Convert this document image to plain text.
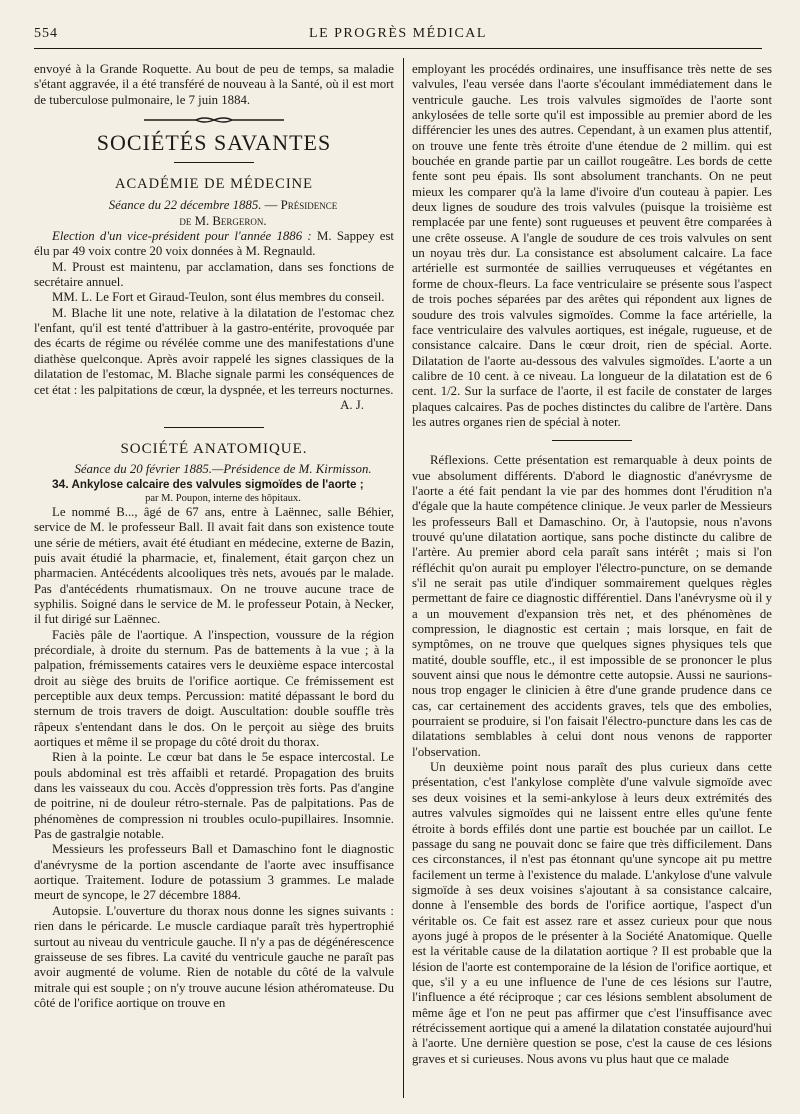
554	LE PROGRÈS MÉDICAL

envoyé à la Grande Roquette. Au bout de peu de temps, sa maladie s'étant aggravée, il a été transféré de nouveau à la Santé, où il est mort de tuberculose pulmonaire, le 7 juin 1884.

SOCIÉTÉS SAVANTES
ACADÉMIE DE MÉDECINE

Séance du 22 décembre 1885. — Présidence

de M. Bergeron.

Election d'un vice-président pour l'année 1886 : M. Sappey est élu par 49 voix contre 20 voix données à M. Regnauld.

M. Proust est maintenu, par acclamation, dans ses fonctions de secrétaire annuel.

MM. L. Le Fort et Giraud-Teulon, sont élus membres du conseil.

M. Blache lit une note, relative à la dilatation de l'estomac chez l'enfant, qu'il est tenté d'attribuer à la gastro-entérite, provoquée par des écarts de régime ou révélée comme une des manifestations d'une diathèse quelconque. Après avoir rappelé les signes classiques de la dilatation de l'estomac, M. Blache signale parmi les conséquences de cet état : les palpitations de cœur, la dyspnée, et les terreurs nocturnes.

A. J.

SOCIÉTÉ ANATOMIQUE.

Séance du 20 février 1885.—Présidence de M. Kirmisson.

34. Ankylose calcaire des valvules sigmoïdes de l'aorte ;

par M. Poupon, interne des hôpitaux.

Le nommé B..., âgé de 67 ans, entre à Laënnec, salle Béhier, service de M. le professeur Ball. Il avait fait dans son existence toute une série de métiers, avait été étudiant en médecine, externe de Bazin, puis avait étudié la pharmacie, et, finalement, était garçon chez un pharmacien. Antécédents alcooliques très nets, avoués par le malade. Pas d'antécédents rhumatismaux. On ne trouve aucune trace de syphilis. Soigné dans le service de M. le professeur Potain, à Necker, il fut dirigé sur Laënnec.

Faciès pâle de l'aortique. A l'inspection, voussure de la région précordiale, à droite du sternum. Pas de battements à la vue ; à la palpation, frémissements cataires vers le deuxième espace intercostal droit au siège des bruits de l'orifice aortique. Ce frémissement est perceptible aux deux temps. Percussion: matité dépassant le bord du sternum de trois travers de doigt. Auscultation: double souffle très râpeux s'entendant dans le dos. On le perçoit au siège des bruits aortiques et même il se propage du côté droit du thorax.

Rien à la pointe. Le cœur bat dans le 5e espace intercostal. Le pouls abdominal est très affaibli et retardé. Propagation des bruits dans les vaisseaux du cou. Accès d'oppression très forts. Pas d'angine de poitrine, ni de douleur rétro-sternale. Pas de palpitations. Pas de phénomènes de compression ni troubles oculo-pupillaires. Insomnie. Pas de gastralgie notable.

Messieurs les professeurs Ball et Damaschino font le diagnostic d'anévrysme de la portion ascendante de l'aorte avec insuffisance aortique. Traitement. Iodure de potassium 3 grammes. Le malade meurt de syncope, le 27 décembre 1884.

Autopsie. L'ouverture du thorax nous donne les signes suivants : rien dans le péricarde. Le muscle cardiaque paraît très hypertrophié surtout au niveau du ventricule gauche. Il n'y a pas de dégénérescence graisseuse de ses fibres. La cavité du ventricule gauche ne paraît pas avoir augmenté de volume. Rien de notable du côté de la valvule mitrale qui est souple ; on n'y trouve aucune lésion athéromateuse. Du côté de l'orifice aortique on trouve en

employant les procédés ordinaires, une insuffisance très nette de ses valvules, l'eau versée dans l'aorte s'écoulant immédiatement dans le ventricule gauche. Les trois valvules sigmoïdes de l'aorte sont ankylosées de telle sorte qu'il est impossible au premier abord de les différencier les unes des autres. Cependant, à un examen plus attentif, on trouve une fente très étroite d'une étendue de 2 millim. qui est bouchée en grande partie par un caillot rougeâtre. Les bords de cette fente sont peu épais. Ils sont absolument tranchants. On ne peut mieux les comparer qu'à la lame d'ivoire d'un couteau à papier. Les deux lignes de soudure des trois valvules (puisque la troisième est remplacée par une fente) sont rugueuses et peuvent être comparées à une crête osseuse. A l'angle de soudure de ces trois valvules on sent un noyau très dur. La consistance est absolument calcaire. La face artérielle est surmontée de saillies verruqueuses et végétantes en forme de choux-fleurs. La face ventriculaire se présente sous l'aspect de trois poches séparées par des arêtes qui répondent aux lignes de soudure des trois valvules sigmoïdes. Comme la face artérielle, la face ventriculaire des valvules aortiques, est inégale, rugueuse, et de consistance calcaire. Dans le cœur droit, rien de spécial. Aorte. Dilatation de l'aorte au-dessous des valvules sigmoïdes. L'aorte a un calibre de 10 cent. à ce niveau. La longueur de la dilatation est de 6 cent. 1/2. Sur la surface de l'aorte, il est facile de constater de larges plaques calcaires. Pas de poches distinctes du calibre de l'artère. Dans les autres organes rien de spécial à noter.

Réflexions. Cette présentation est remarquable à deux points de vue absolument différents. D'abord le diagnostic d'anévrysme de l'aorte a été fait pendant la vie par des hommes dont l'érudition n'a d'égale que la haute compétence clinique. Je veux parler de Messieurs les professeurs Ball et Damaschino. Or, à l'autopsie, nous n'avons trouvé qu'une dilatation aortique, sans poche distincte du calibre de l'artère. Au premier abord cela paraît sans intérêt ; mais si l'on réfléchit qu'on aurait pu employer l'électro-puncture, on se demande s'il ne serait pas utile d'indiquer sommairement quelques règles permettant de faire ce diagnostic différentiel. Dans l'anévrysme où il y a un mouvement d'expansion très net, et des phénomènes de compression, le diagnostic est certain ; mais lorsque, en fait de symptômes, on ne trouve que quelques signes physiques tels que matité, double souffle, etc., il est impossible de se prononcer le plus souvent ainsi que nous le démontre cette autopsie. Aussi ne saurions-nous trop engager le clinicien à être d'une grande prudence dans ce cas, car certainement des accidents graves, tels que des embolies, pourraient se produire, si l'on faisait l'électro-puncture dans les cas de dilatations semblables à celui dont nous venons de rapporter l'observation.

Un deuxième point nous paraît des plus curieux dans cette présentation, c'est l'ankylose complète d'une valvule sigmoïde avec ses deux voisines et la semi-ankylose à leurs deux extrémités des autres valvules sigmoïdes qui ne laissent entre elles qu'une fente étroite à bords effilés dont une partie est bouchée par un caillot. Le passage du sang ne pouvait donc se faire que très difficilement. Dans ces circonstances, il n'est pas étonnant qu'une syncope ait pu mettre facilement un terme à l'existence du malade. L'ankylose d'une valvule sigmoïde à ses deux voisines s'ajoutant à sa consistance calcaire, donne à l'ensemble des bords de l'orifice aortique, l'aspect d'un véritable os. Ce fait est assez rare et assez curieux pour que nous ayons jugé à propos de le présenter à la Société Anatomique. Quelle est la véritable cause de la dilatation aortique ? Il est probable que la lésion de l'aorte est contemporaine de la lésion de l'orifice aortique, et que, s'il y a eu une influence de l'une de ces lésions sur l'autre, l'influence a été réciproque ; car ces lésions semblent absolument de même âge et l'on ne peut pas affirmer que c'est l'insuffisance avec rétrécissement aortique qui a amené la dilatation constatée aujourd'hui à l'aorte. Une dernière question se pose, c'est la cause de ces lésions graves et si curieuses. Nous avons vu plus haut que ce malade
